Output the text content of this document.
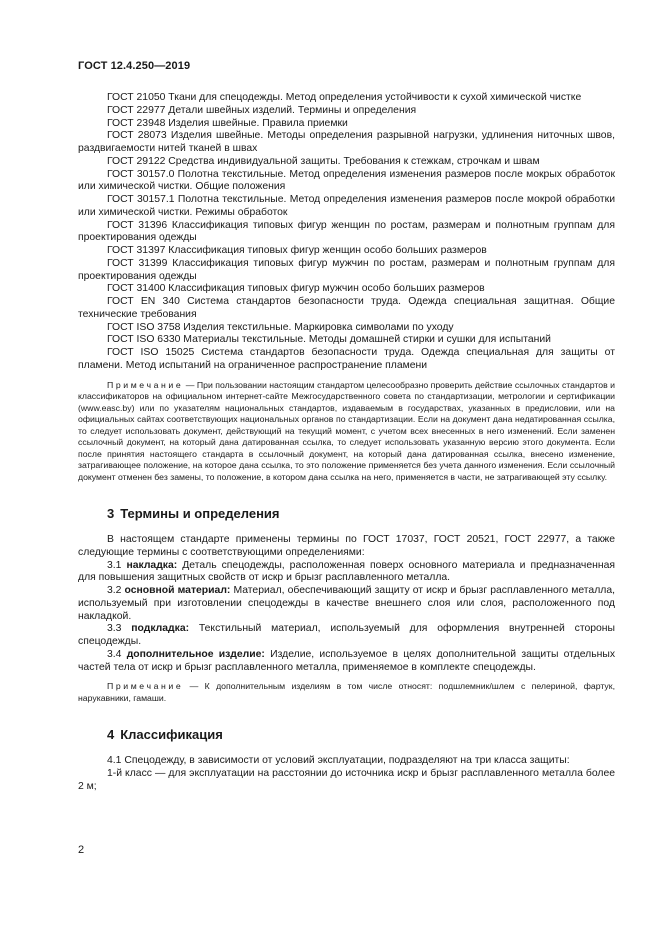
ГОСТ 12.4.250—2019

ГОСТ 21050 Ткани для спецодежды. Метод определения устойчивости к сухой химической чистке

ГОСТ 22977 Детали швейных изделий. Термины и определения

ГОСТ 23948 Изделия швейные. Правила приемки

ГОСТ 28073 Изделия швейные. Методы определения разрывной нагрузки, удлинения ниточных швов, раздвигаемости нитей тканей в швах

ГОСТ 29122 Средства индивидуальной защиты. Требования к стежкам, строчкам и швам

ГОСТ 30157.0 Полотна текстильные. Метод определения изменения размеров после мокрых обработок или химической чистки. Общие положения

ГОСТ 30157.1 Полотна текстильные. Метод определения изменения размеров после мокрой обработки или химической чистки. Режимы обработок

ГОСТ 31396 Классификация типовых фигур женщин по ростам, размерам и полнотным группам для проектирования одежды

ГОСТ 31397 Классификация типовых фигур женщин особо больших размеров

ГОСТ 31399 Классификация типовых фигур мужчин по ростам, размерам и полнотным группам для проектирования одежды

ГОСТ 31400 Классификация типовых фигур мужчин особо больших размеров

ГОСТ EN 340 Система стандартов безопасности труда. Одежда специальная защитная. Общие технические требования

ГОСТ ISO 3758 Изделия текстильные. Маркировка символами по уходу

ГОСТ ISO 6330 Материалы текстильные. Методы домашней стирки и сушки для испытаний

ГОСТ ISO 15025 Система стандартов безопасности труда. Одежда специальная для защиты от пламени. Метод испытаний на ограниченное распространение пламени

Примечание — При пользовании настоящим стандартом целесообразно проверить действие ссылочных стандартов и классификаторов на официальном интернет-сайте Межгосударственного совета по стандартизации, метрологии и сертификации (www.easc.by) или по указателям национальных стандартов, издаваемым в государствах, указанных в предисловии, или на официальных сайтах соответствующих национальных органов по стандартизации. Если на документ дана недатированная ссылка, то следует использовать документ, действующий на текущий момент, с учетом всех внесенных в него изменений. Если заменен ссылочный документ, на который дана датированная ссылка, то следует использовать указанную версию этого документа. Если после принятия настоящего стандарта в ссылочный документ, на который дана датированная ссылка, внесено изменение, затрагивающее положение, на которое дана ссылка, то это положение применяется без учета данного изменения. Если ссылочный документ отменен без замены, то положение, в котором дана ссылка на него, применяется в части, не затрагивающей эту ссылку.

3 Термины и определения

В настоящем стандарте применены термины по ГОСТ 17037, ГОСТ 20521, ГОСТ 22977, а также следующие термины с соответствующими определениями:

3.1 накладка: Деталь спецодежды, расположенная поверх основного материала и предназначенная для повышения защитных свойств от искр и брызг расплавленного металла.

3.2 основной материал: Материал, обеспечивающий защиту от искр и брызг расплавленного металла, используемый при изготовлении спецодежды в качестве внешнего слоя или слоя, расположенного под накладкой.

3.3 подкладка: Текстильный материал, используемый для оформления внутренней стороны спецодежды.

3.4 дополнительное изделие: Изделие, используемое в целях дополнительной защиты отдельных частей тела от искр и брызг расплавленного металла, применяемое в комплекте спецодежды.

Примечание — К дополнительным изделиям в том числе относят: подшлемник/шлем с пелериной, фартук, нарукавники, гамаши.

4 Классификация

4.1 Спецодежду, в зависимости от условий эксплуатации, подразделяют на три класса защиты:

1-й класс — для эксплуатации на расстоянии до источника искр и брызг расплавленного металла более 2 м;

2
